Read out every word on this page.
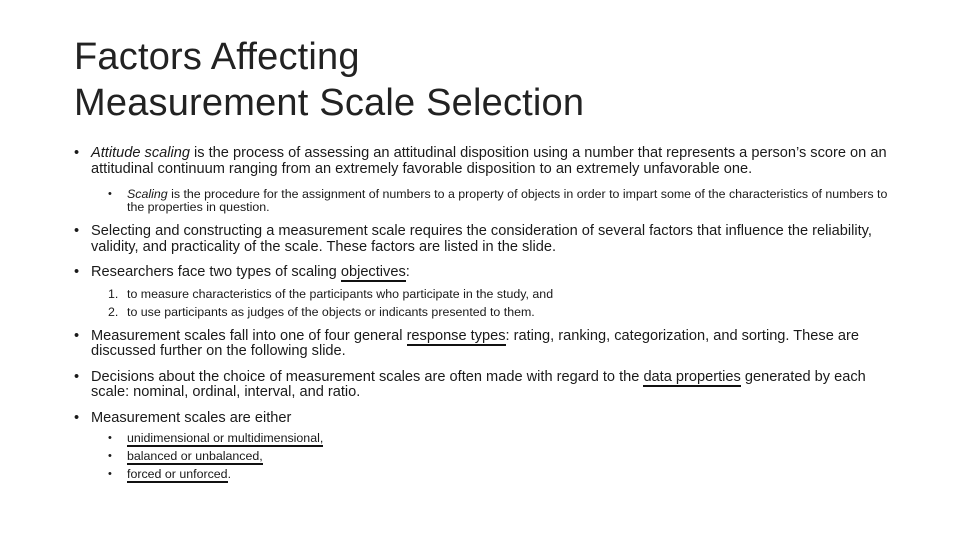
Factors Affecting
Measurement Scale Selection
• Attitude scaling is the process of assessing an attitudinal disposition using a number that represents a person’s score on an attitudinal continuum ranging from an extremely favorable disposition to an extremely unfavorable one.
• Scaling is the procedure for the assignment of numbers to a property of objects in order to impart some of the characteristics of numbers to the properties in question.
• Selecting and constructing a measurement scale requires the consideration of several factors that influence the reliability, validity, and practicality of the scale. These factors are listed in the slide.
• Researchers face two types of scaling objectives:
1. to measure characteristics of the participants who participate in the study, and
2. to use participants as judges of the objects or indicants presented to them.
• Measurement scales fall into one of four general response types: rating, ranking, categorization, and sorting. These are discussed further on the following slide.
• Decisions about the choice of measurement scales are often made with regard to the data properties generated by each scale: nominal, ordinal, interval, and ratio.
• Measurement scales are either
• unidimensional or multidimensional,
• balanced or unbalanced,
• forced or unforced.
